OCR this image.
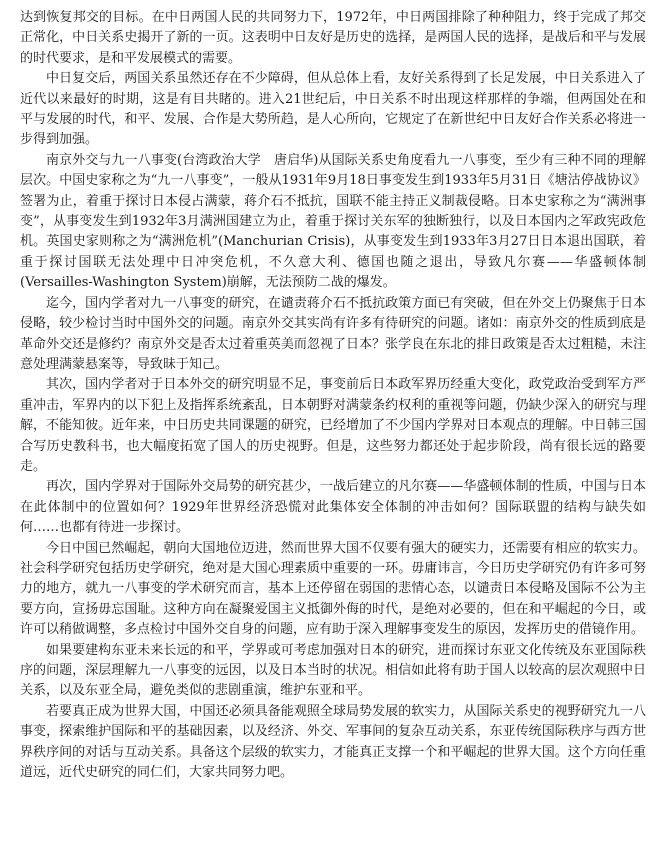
达到恢复邦交的目标。在中日两国人民的共同努力下，1972年，中日两国排除了种种阻力，终于完成了邦交正常化，中日关系史揭开了新的一页。这表明中日友好是历史的选择，是两国人民的选择，是战后和平与发展的时代要求，是和平发展模式的需要。

中日复交后，两国关系虽然还存在不少障碍，但从总体上看，友好关系得到了长足发展，中日关系进入了近代以来最好的时期，这是有目共睹的。进入21世纪后，中日关系不时出现这样那样的争端，但两国处在和平与发展的时代，和平、发展、合作是大势所趋，是人心所向，它规定了在新世纪中日友好合作关系必将进一步得到加强。

南京外交与九一八事变(台湾政治大学　唐启华)从国际关系史角度看九一八事变，至少有三种不同的理解层次。中国史家称之为“九一八事变”，一般从1931年9月18日事变发生到1933年5月31日《塘沽停战协议》签署为止，着重于探讨日本侵占满蒙，蒋介石不抵抗，国联不能主持正义制裁侵略。日本史家称之为“满洲事变”，从事变发生到1932年3月满洲国建立为止，着重于探讨关东军的独断独行，以及日本国内之军政宪政危机。英国史家则称之为“满洲危机”(Manchurian Crisis)，从事变发生到1933年3月27日日本退出国联，着重于探讨国联无法处理中日冲突危机，不久意大利、德国也随之退出，导致凡尔赛——华盛顿体制(Versailles-Washington System)崩解，无法预防二战的爆发。

迄今，国内学者对九一八事变的研究，在谴责蒋介石不抵抗政策方面已有突破，但在外交上仍聚焦于日本侵略，较少检讨当时中国外交的问题。南京外交其实尚有许多有待研究的问题。诸如：南京外交的性质到底是革命外交还是修约？南京外交是否太过着重英美而忽视了日本？张学良在东北的排日政策是否太过粗糙，未注意处理满蒙悬案等，导致昧于知己。

其次，国内学者对于日本外交的研究明显不足，事变前后日本政军界历经重大变化，政党政治受到军方严重冲击，军界内的以下犯上及指挥系统紊乱，日本朝野对满蒙条约权利的重视等问题，仍缺少深入的研究与理解，不能知彼。近年来，中日历史共同课题的研究，已经增加了不少国内学界对日本观点的理解。中日韩三国合写历史教科书，也大幅度拓宽了国人的历史视野。但是，这些努力都还处于起步阶段，尚有很长远的路要走。

再次，国内学界对于国际外交局势的研究甚少，一战后建立的凡尔赛——华盛顿体制的性质，中国与日本在此体制中的位置如何？1929年世界经济恐慌对此集体安全体制的冲击如何？国际联盟的结构与缺失如何……也都有待进一步探讨。

今日中国已然崛起，朝向大国地位迈进，然而世界大国不仅要有强大的硬实力，还需要有相应的软实力。社会科学研究包括历史学研究，绝对是大国心理素质中重要的一环。毋庸讳言，今日历史学研究仍有许多可努力的地方，就九一八事变的学术研究而言，基本上还停留在弱国的悲情心态，以谴责日本侵略及国际不公为主要方向，宣扬毋忘国耻。这种方向在凝聚爱国主义抵御外侮的时代，是绝对必要的，但在和平崛起的今日，或许可以稍做调整，多点检讨中国外交自身的问题，应有助于深入理解事变发生的原因，发挥历史的借镜作用。

如果要建构东亚未来长远的和平，学界或可考虑加强对日本的研究，进而探讨东亚文化传统及东亚国际秩序的问题，深层理解九一八事变的远因，以及日本当时的状况。相信如此将有助于国人以较高的层次观照中日关系，以及东亚全局，避免类似的悲剧重演，维护东亚和平。

若要真正成为世界大国，中国还必须具备能观照全球局势发展的软实力，从国际关系史的视野研究九一八事变，探索维护国际和平的基础因素，以及经济、外交、军事间的复杂互动关系，东亚传统国际秩序与西方世界秩序间的对话与互动关系。具备这个层级的软实力，才能真正支撑一个和平崛起的世界大国。这个方向任重道远，近代史研究的同仁们，大家共同努力吧。
